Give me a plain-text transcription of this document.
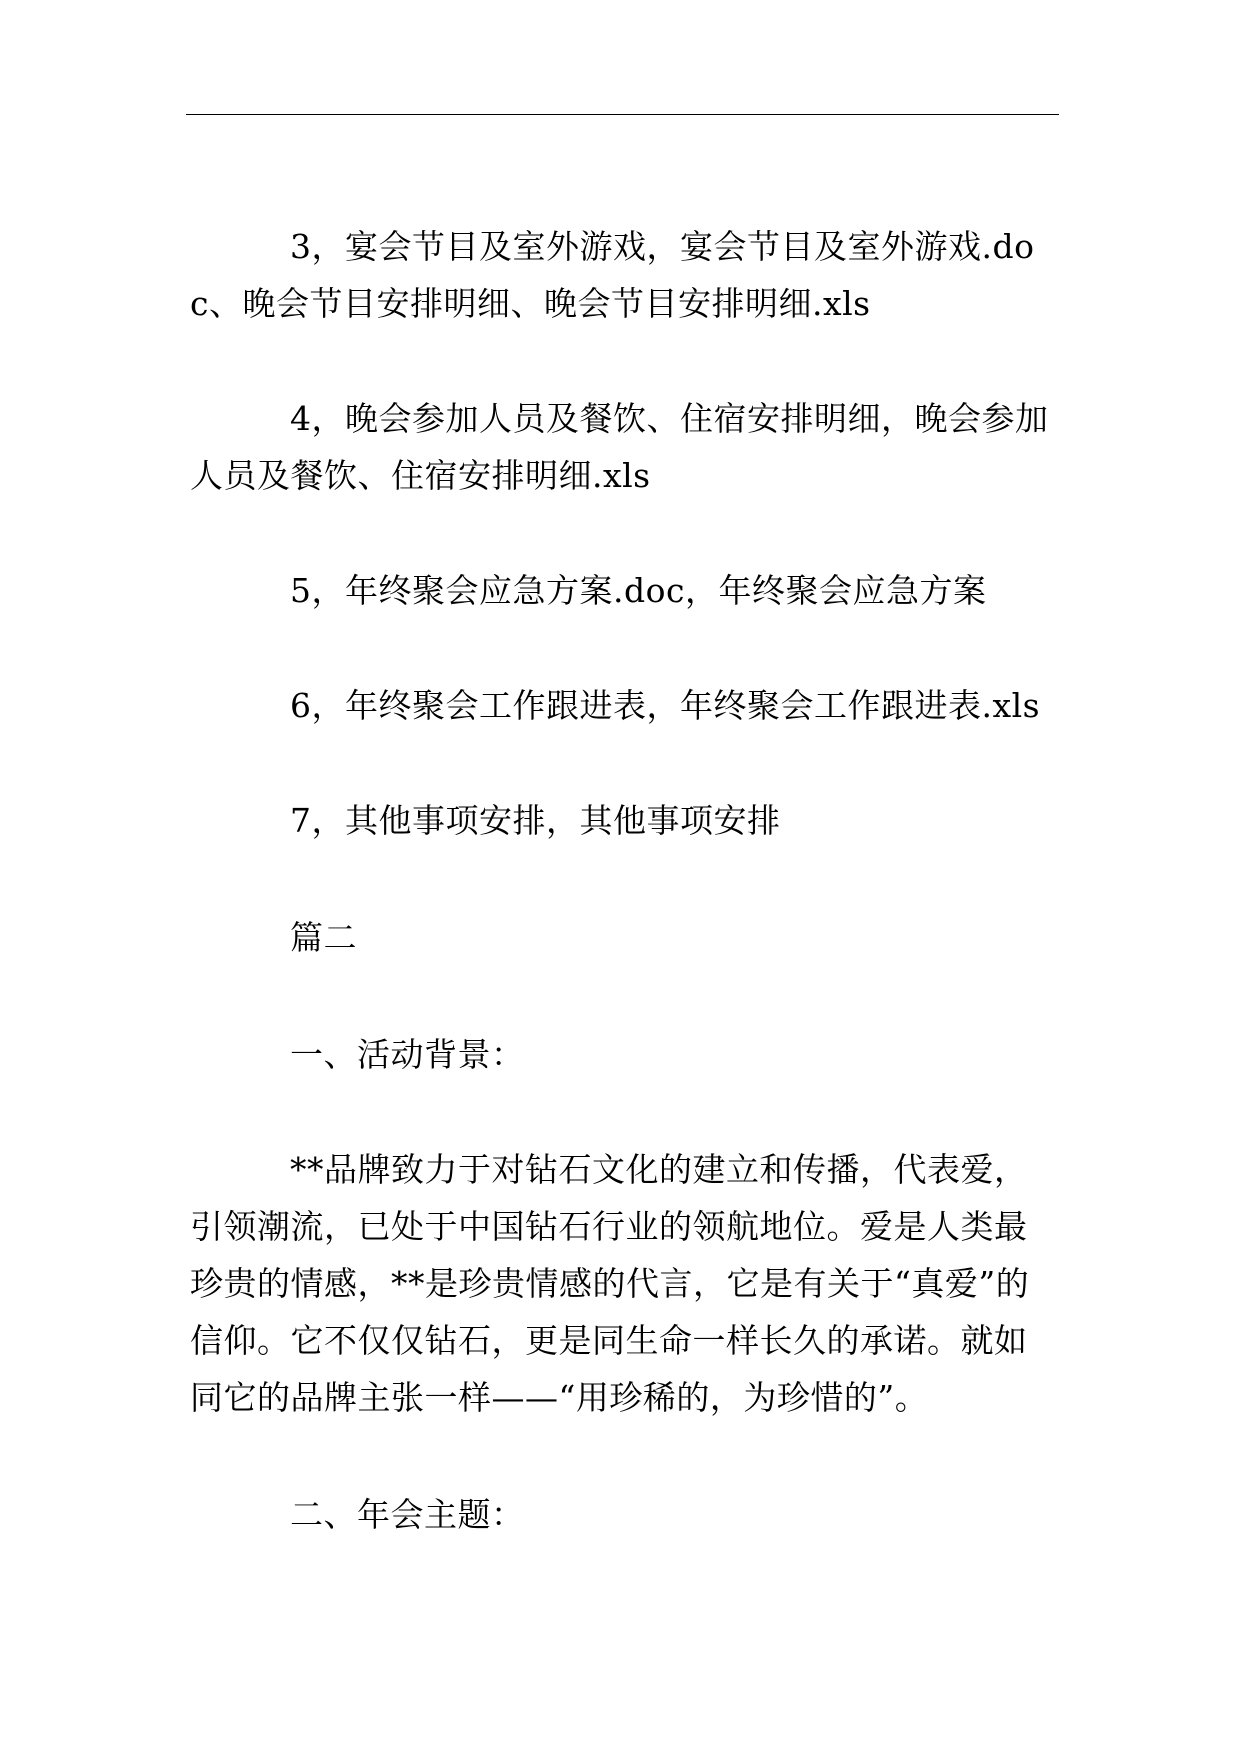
3，宴会节目及室外游戏，宴会节目及室外游戏.doc、晚会节目安排明细、晚会节目安排明细.xls

4，晚会参加人员及餐饮、住宿安排明细，晚会参加人员及餐饮、住宿安排明细.xls

5，年终聚会应急方案.doc，年终聚会应急方案

6，年终聚会工作跟进表，年终聚会工作跟进表.xls

7，其他事项安排，其他事项安排

篇二

一、活动背景：

**品牌致力于对钻石文化的建立和传播，代表爱，引领潮流，已处于中国钻石行业的领航地位。爱是人类最珍贵的情感，**是珍贵情感的代言，它是有关于“真爱”的信仰。它不仅仅钻石，更是同生命一样长久的承诺。就如同它的品牌主张一样——“用珍稀的，为珍惜的”。

二、年会主题：
